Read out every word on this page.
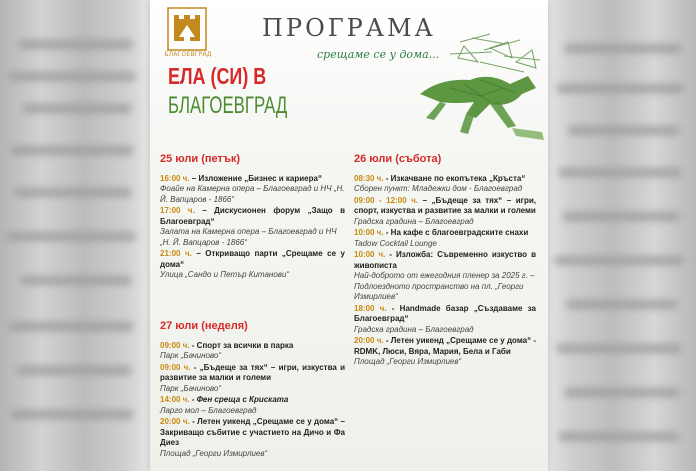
БЛАГОЕВГРАД
ПРОГРАМА
срещаме се у дома...
ЕЛА (СИ) В
БЛАГОЕВГРАД
25 юли (петък)
16:00 ч. – Изложение „Бизнес и кариера“
Фоайе на Камерна опера – Благоевград и НЧ „Н. Й. Вапцаров - 1866“
17:00 ч. – Дискусионен форум „Защо в Благоевград“
Залата на Камерна опера – Благоевград и НЧ „Н. Й. Вапцаров - 1866“
21:00 ч. – Откриващо парти „Срещаме се у дома“
Улица „Сандо и Петър Китанови“
27 юли (неделя)
09:00 ч. - Спорт за всички в парка
Парк „Бачиново“
09:00 ч. - „Бъдеще за тях“ – игри, изкуства и развитие за малки и големи
Парк „Бачиново“
14:00 ч. - Фен среща с Криската
Ларго мол – Благоевград
20:00 ч. - Летен уикенд „Срещаме се у дома“ – Закриващо събитие с участието на Дичо и Фа Диез
Площад „Георги Измирлиев“
26 юли (събота)
08:30 ч. - Изкачване по екопътека „Кръста“
Сборен пункт: Младежки дом - Благоевград
09:00 - 12:00 ч. – „Бъдеще за тях“ – игри, спорт, изкуства и развитие за малки и големи
Градска градина – Благоевград
10:00 ч. - На кафе с благоевградските снахи
Tadow Cocktail Lounge
10:00 ч. - Изложба: Съвременно изкуство в живописта
Най-доброто от ежегодния пленер за 2025 г. – Подлоездното пространство на пл. „Георги Измирлиев“
18:00 ч. - Handmade базар „Създаваме за Благоевград“
Градска градина – Благоевград
20:00 ч. - Летен уикенд „Срещаме се у дома“ - RDMK, Люси, Вяра, Мария, Бела и Габи
Площад „Георги Измирлиев“
